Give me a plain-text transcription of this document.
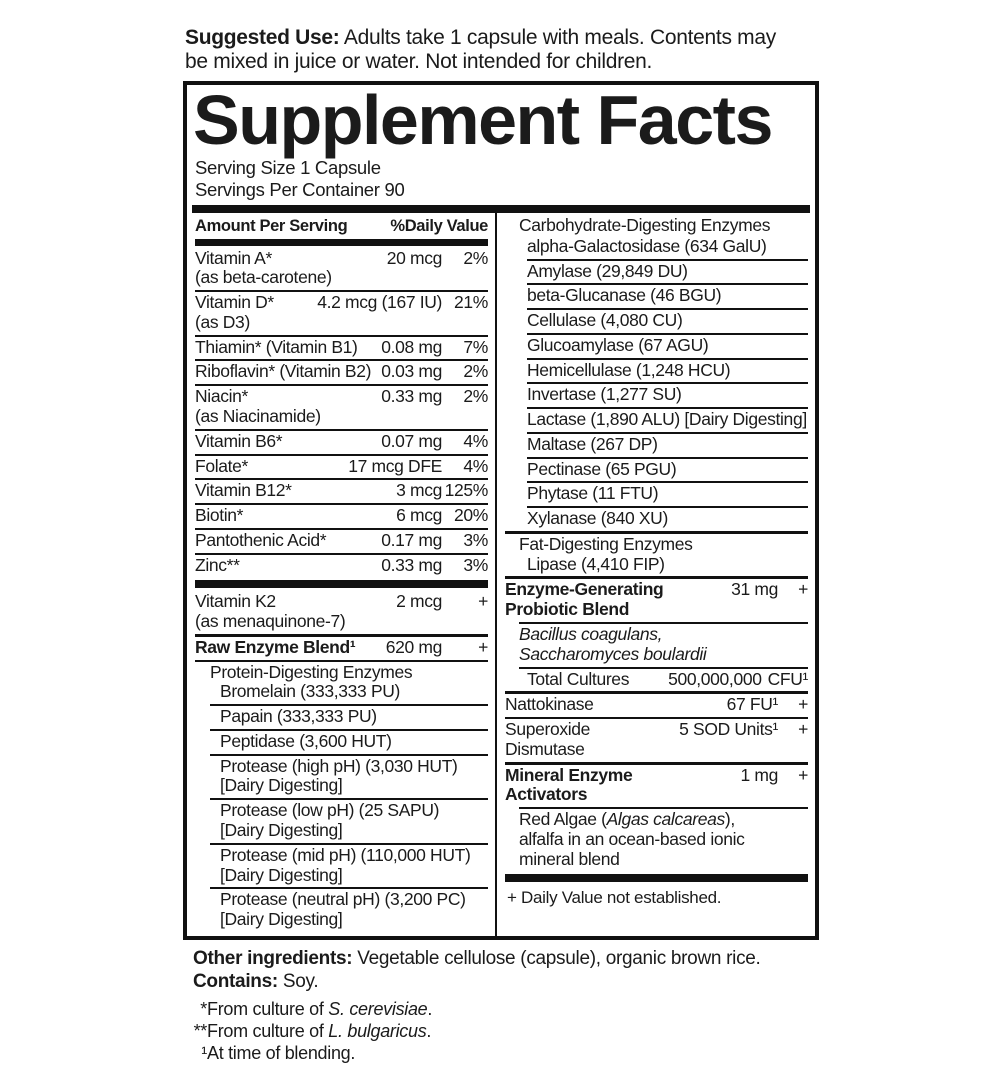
Suggested Use: Adults take 1 capsule with meals. Contents may
be mixed in juice or water. Not intended for children.
Supplement Facts
Serving Size 1 Capsule
Servings Per Container 90
Amount Per Serving	%Daily Value
Vitamin A*	20 mcg	2%
(as beta-carotene)
Vitamin D*	4.2 mcg (167 IU) 21%
(as D3)
Thiamin* (Vitamin B1)	0.08 mg	7%
Riboflavin* (Vitamin B2) 0.03 mg	2%
Niacin*	0.33 mg	2%
(as Niacinamide)
Vitamin B6*	0.07 mg	4%
Folate*	17 mcg DFE	4%
Vitamin B12*	3 mcg 125%
Biotin*	6 mcg 20%
Pantothenic Acid*	0.17 mg	3%
Zinc**	0.33 mg	3%
Vitamin K2	2 mcg	+
(as menaquinone-7)
Raw Enzyme Blend¹	620 mg	+
Protein-Digesting Enzymes
Bromelain (333,333 PU)
Papain (333,333 PU)
Peptidase (3,600 HUT)
Protease (high pH) (3,030 HUT)
[Dairy Digesting]
Protease (low pH) (25 SAPU)
[Dairy Digesting]
Protease (mid pH) (110,000 HUT)
[Dairy Digesting]
Protease (neutral pH) (3,200 PC)
[Dairy Digesting]
Carbohydrate-Digesting Enzymes
alpha-Galactosidase (634 GalU)
Amylase (29,849 DU)
beta-Glucanase (46 BGU)
Cellulase (4,080 CU)
Glucoamylase (67 AGU)
Hemicellulase (1,248 HCU)
Invertase (1,277 SU)
Lactase (1,890 ALU) [Dairy Digesting]
Maltase (267 DP)
Pectinase (65 PGU)
Phytase (11 FTU)
Xylanase (840 XU)
Fat-Digesting Enzymes
Lipase (4,410 FIP)
Enzyme-Generating	31 mg	+
Probiotic Blend
Bacillus coagulans,
Saccharomyces boulardii
Total Cultures	500,000,000 CFU¹
Nattokinase	67 FU¹	+
Superoxide	5 SOD Units¹	+
Dismutase
Mineral Enzyme	1 mg	+
Activators
Red Algae (Algas calcareas),
alfalfa in an ocean-based ionic
mineral blend
+ Daily Value not established.
Other ingredients: Vegetable cellulose (capsule), organic brown rice.
Contains: Soy.
* From culture of S. cerevisiae.
** From culture of L. bulgaricus.
¹ At time of blending.
